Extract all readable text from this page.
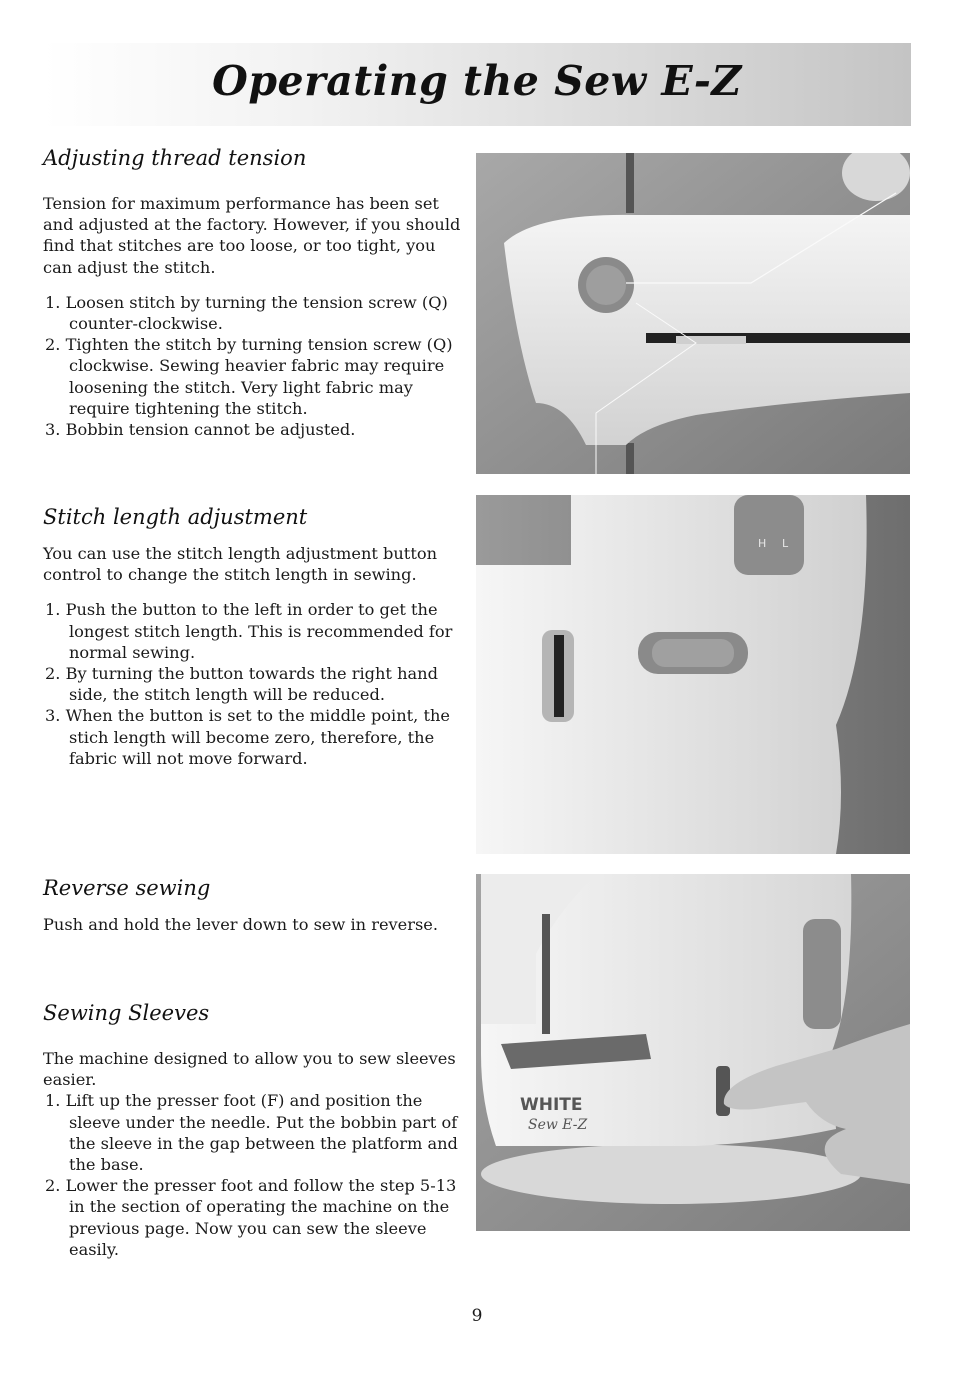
Operating the Sew E-Z
Adjusting thread tension

Tension for maximum performance has been set and adjusted at the factory. However, if you should find that stitches are too loose, or too tight, you can adjust the stitch.

1. Loosen stitch by turning the tension screw (Q) counter-clockwise.
2. Tighten the stitch by turning tension screw (Q) clockwise. Sewing heavier fabric may require loosening the stitch. Very light fabric may require tightening the stitch.
3. Bobbin tension cannot be adjusted.
Stitch length adjustment

You can use the stitch length adjustment button control to change the stitch length in sewing.

1. Push the button to the left in order to get the longest stitch length. This is recommended for normal sewing.
2. By turning the button towards the right hand side, the stitch length will be reduced.
3. When the button is set to the middle point, the stich length will become zero, therefore, the fabric will not move forward.
Reverse sewing

Push and hold the lever down to sew in reverse.

Sewing Sleeves

The machine designed to allow you to sew sleeves easier.

1. Lift up the presser foot (F) and position the sleeve under the needle. Put the bobbin part of the sleeve in the gap between the platform and the base.
2. Lower the presser foot and follow the step 5-13 in the section of operating the machine on the previous page. Now you can sew the sleeve easily.
H L
WHITE
Sew E-Z
9
